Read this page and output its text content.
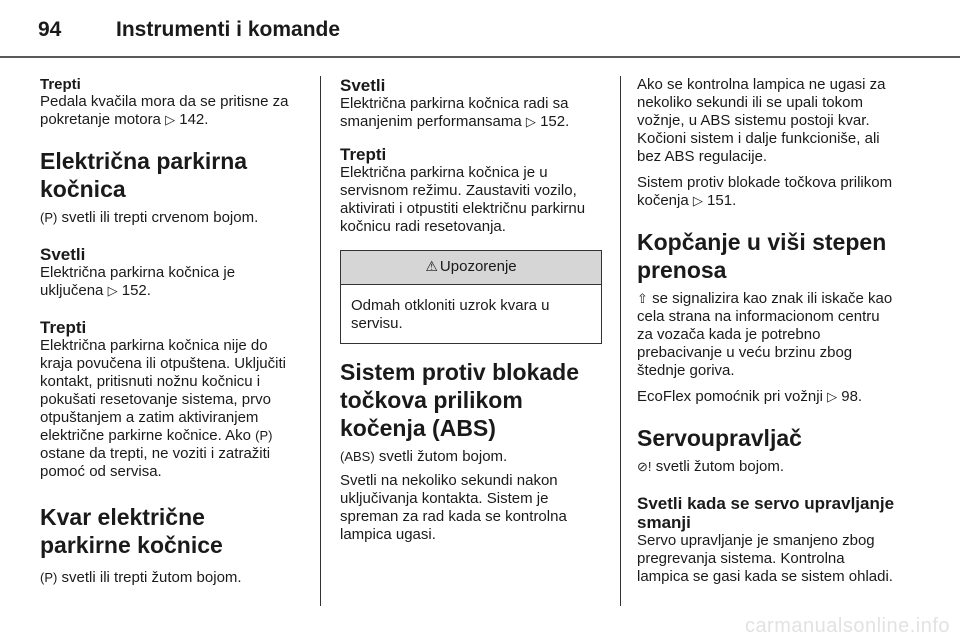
94	Instrumenti i komande
Trepti

Pedala kvačila mora da se pritisne za pokretanje motora ▷ 142.

Električna parkirna kočnica

(P) svetli ili trepti crvenom bojom.

Svetli

Električna parkirna kočnica je uključena ▷ 152.

Trepti

Električna parkirna kočnica nije do kraja povučena ili otpuštena. Uključiti kontakt, pritisnuti nožnu kočnicu i pokušati resetovanje sistema, prvo otpuštanjem a zatim aktiviranjem električne parkirne kočnice. Ako (P) ostane da trepti, ne voziti i zatražiti pomoć od servisa.

Kvar električne parkirne kočnice

(P) svetli ili trepti žutom bojom.

Svetli

Električna parkirna kočnica radi sa smanjenim performansama ▷ 152.

Trepti

Električna parkirna kočnica je u servisnom režimu. Zaustaviti vozilo, aktivirati i otpustiti električnu parkirnu kočnicu radi resetovanja.

⚠ Upozorenje

Odmah otkloniti uzrok kvara u servisu.

Sistem protiv blokade točkova prilikom kočenja (ABS)

(ABS) svetli žutom bojom.

Svetli na nekoliko sekundi nakon uključivanja kontakta. Sistem je spreman za rad kada se kontrolna lampica ugasi.

Ako se kontrolna lampica ne ugasi za nekoliko sekundi ili se upali tokom vožnje, u ABS sistemu postoji kvar. Kočioni sistem i dalje funkcioniše, ali bez ABS regulacije.

Sistem protiv blokade točkova prilikom kočenja ▷ 151.

Kopčanje u viši stepen prenosa

⇧ se signalizira kao znak ili iskače kao cela strana na informacionom centru za vozača kada je potrebno prebacivanje u veću brzinu zbog štednje goriva.

EcoFlex pomoćnik pri vožnji ▷ 98.

Servoupravljač

⊘! svetli žutom bojom.

Svetli kada se servo upravljanje smanji

Servo upravljanje je smanjeno zbog pregrevanja sistema. Kontrolna lampica se gasi kada se sistem ohladi.

carmanualsonline.info
